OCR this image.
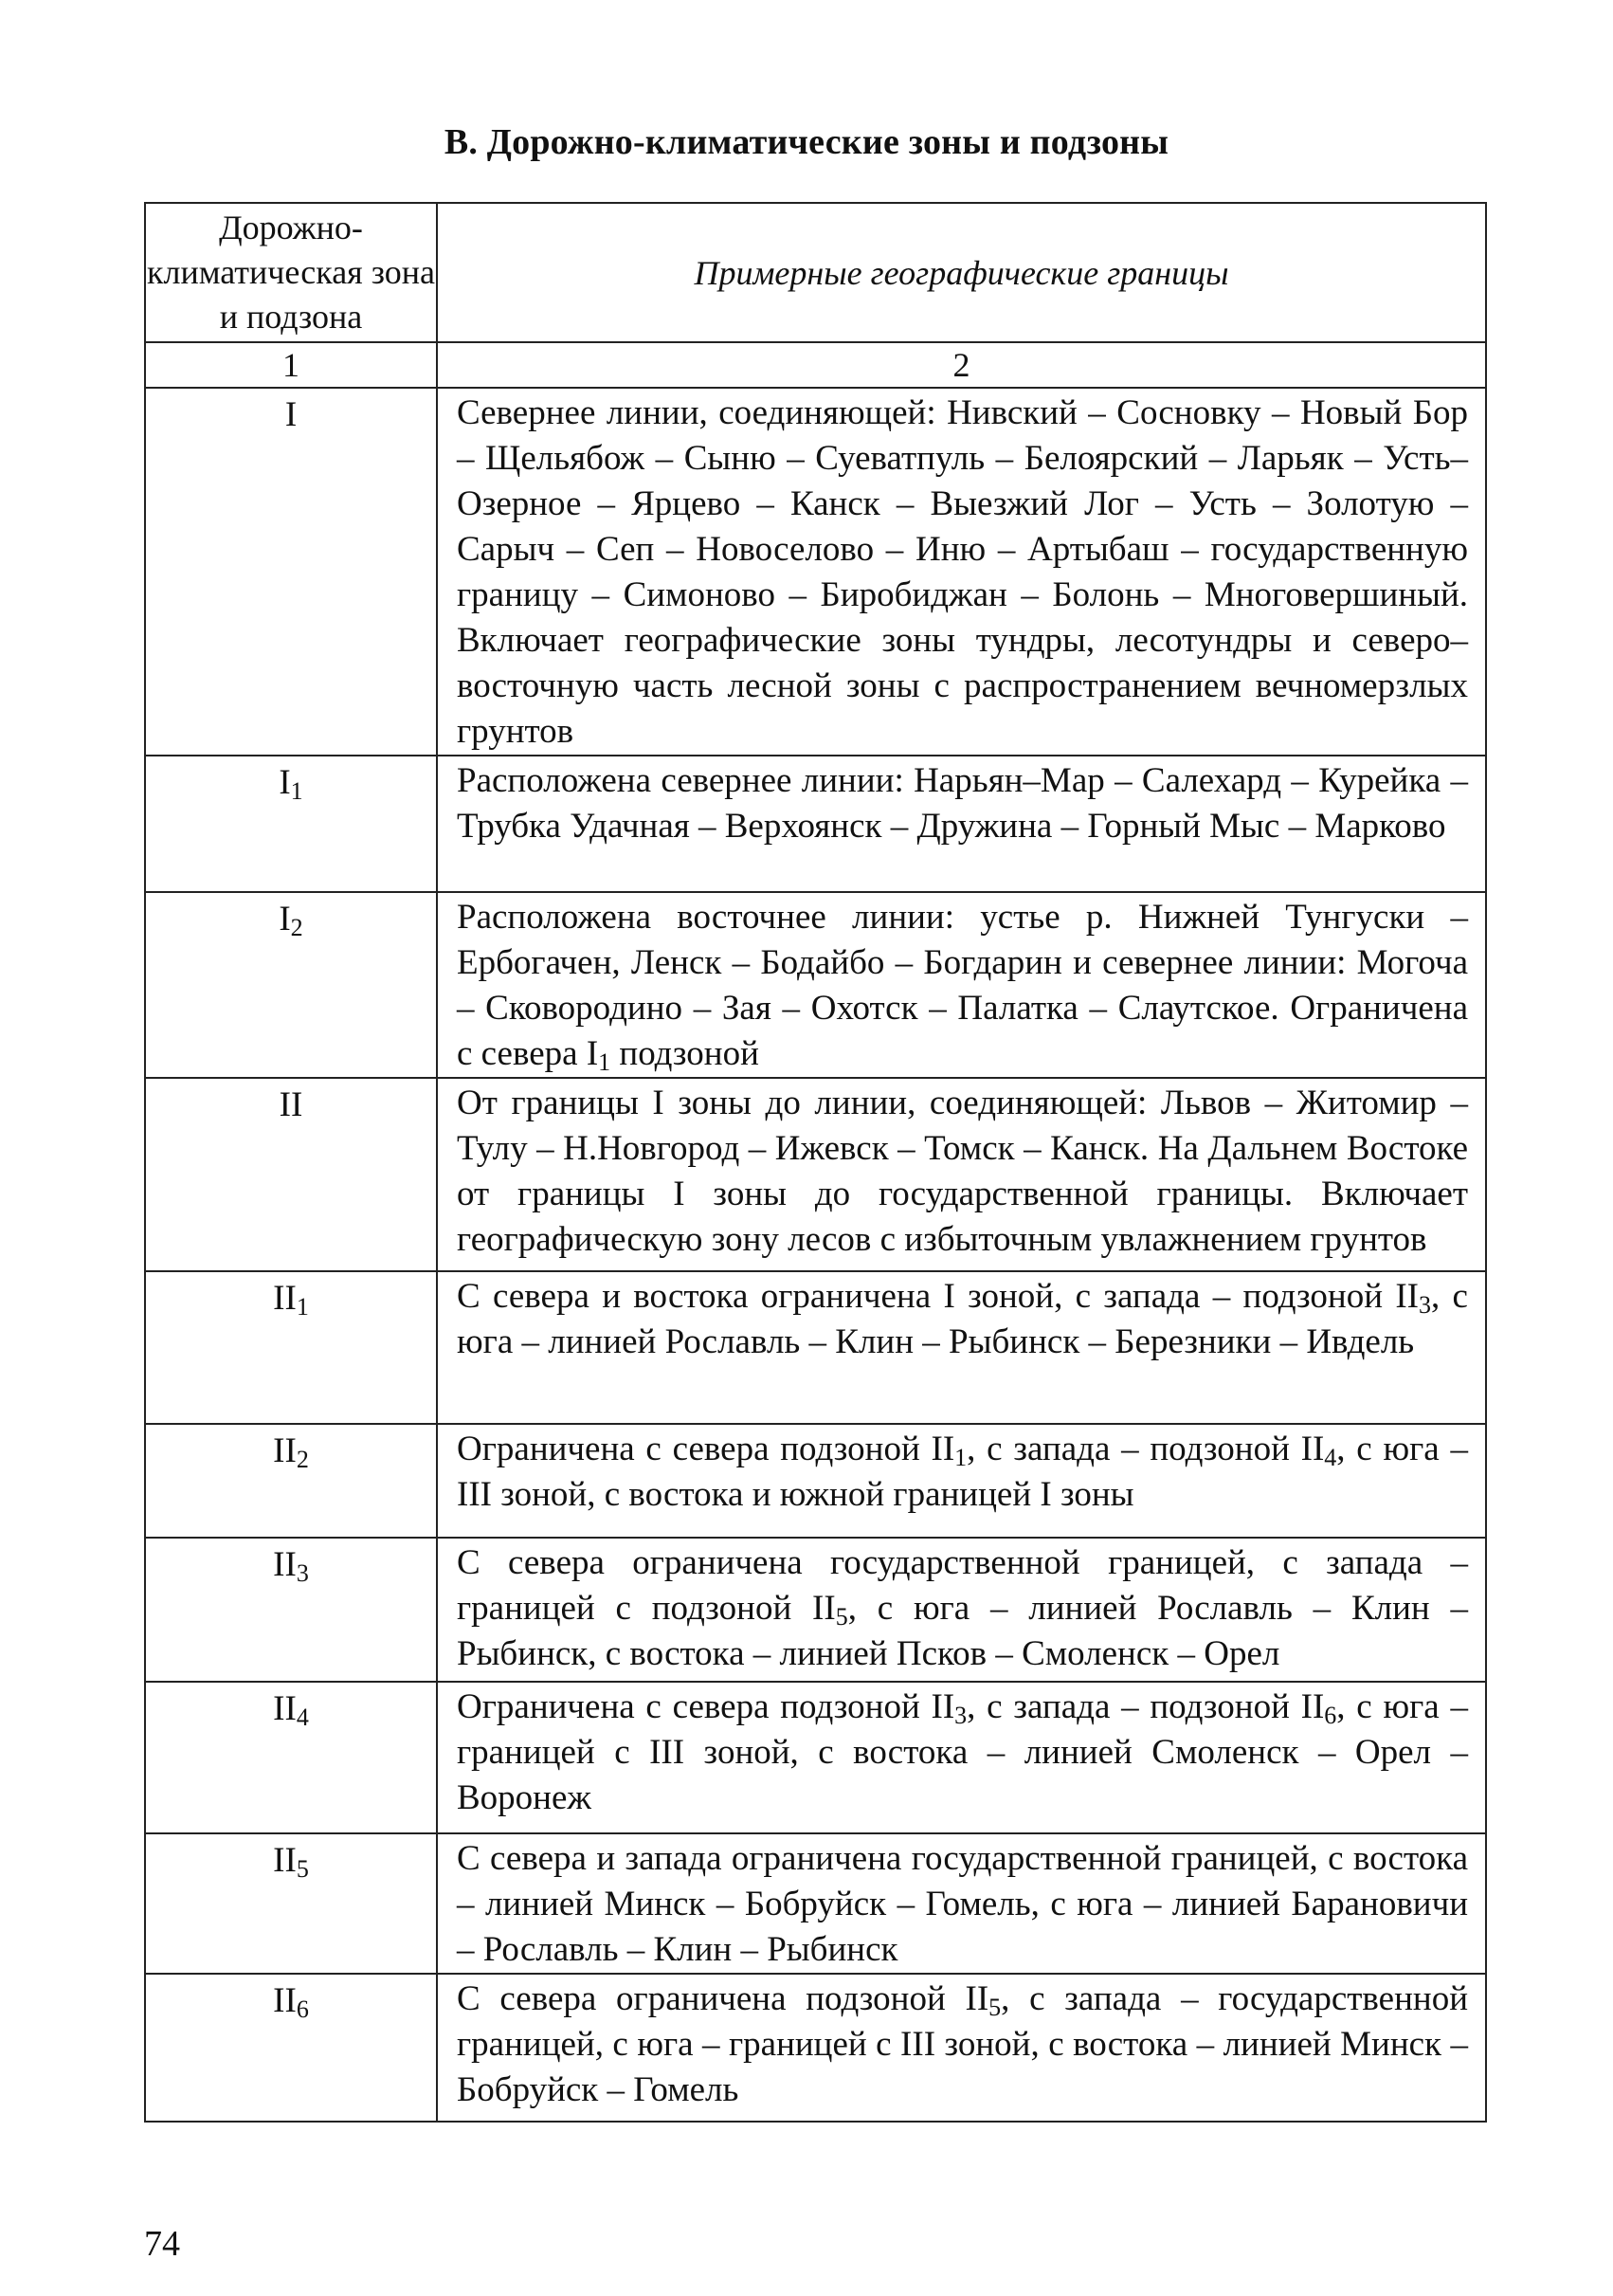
В. Дорожно-климатические зоны и подзоны
Дорожно-климатическая зона и подзона	Примерные географические границы
1	2
I	Севернее линии, соединяющей: Нивский – Сосновку – Новый Бор – Щельябож – Сыню – Суеватпуль – Белоярский – Ларьяк – Усть–Озерное – Ярцево – Канск – Выезжий Лог – Усть – Золотую – Сарыч – Сеп – Новоселово – Иню – Артыбаш – государственную границу – Симоново – Биробиджан – Болонь – Многовершиный. Включает географические зоны тундры, лесотундры и северо–восточную часть лесной зоны с распространением вечномерзлых грунтов
$I_1$	Расположена севернее линии: Нарьян–Мар – Салехард – Курейка – Трубка Удачная – Верхоянск – Дружина – Горный Мыс – Марково
$I_2$	Расположена восточнее линии: устье р. Нижней Тунгуски – Ербогачен, Ленск – Бодайбо – Богдарин и севернее линии: Могоча – Сковородино – Зая – Охотск – Палатка – Слаутское. Ограничена с севера $I_1$ подзоной
II	От границы I зоны до линии, соединяющей: Львов – Житомир – Тулу – Н.Новгород – Ижевск – Томск – Канск. На Дальнем Востоке от границы I зоны до государственной границы. Включает географическую зону лесов с избыточным увлажнением грунтов
$II_1$	С севера и востока ограничена I зоной, с запада – подзоной $II_3$, с юга – линией Рославль – Клин – Рыбинск – Березники – Ивдель
$II_2$	Ограничена с севера подзоной $II_1$, с запада – подзоной $II_4$, с юга – III зоной, с востока и южной границей I зоны
$II_3$	С севера ограничена государственной границей, с запада – границей с подзоной $II_5$, с юга – линией Рославль – Клин – Рыбинск, с востока – линией Псков – Смоленск – Орел
$II_4$	Ограничена с севера подзоной $II_3$, с запада – подзоной $II_6$, с юга – границей с III зоной, с востока – линией Смоленск – Орел – Воронеж
$II_5$	С севера и запада ограничена государственной границей, с востока – линией Минск – Бобруйск – Гомель, с юга – линией Барановичи – Рославль – Клин – Рыбинск
$II_6$	С севера ограничена подзоной $II_5$, с запада – государственной границей, с юга – границей с III зоной, с востока – линией Минск – Бобруйск – Гомель
74
